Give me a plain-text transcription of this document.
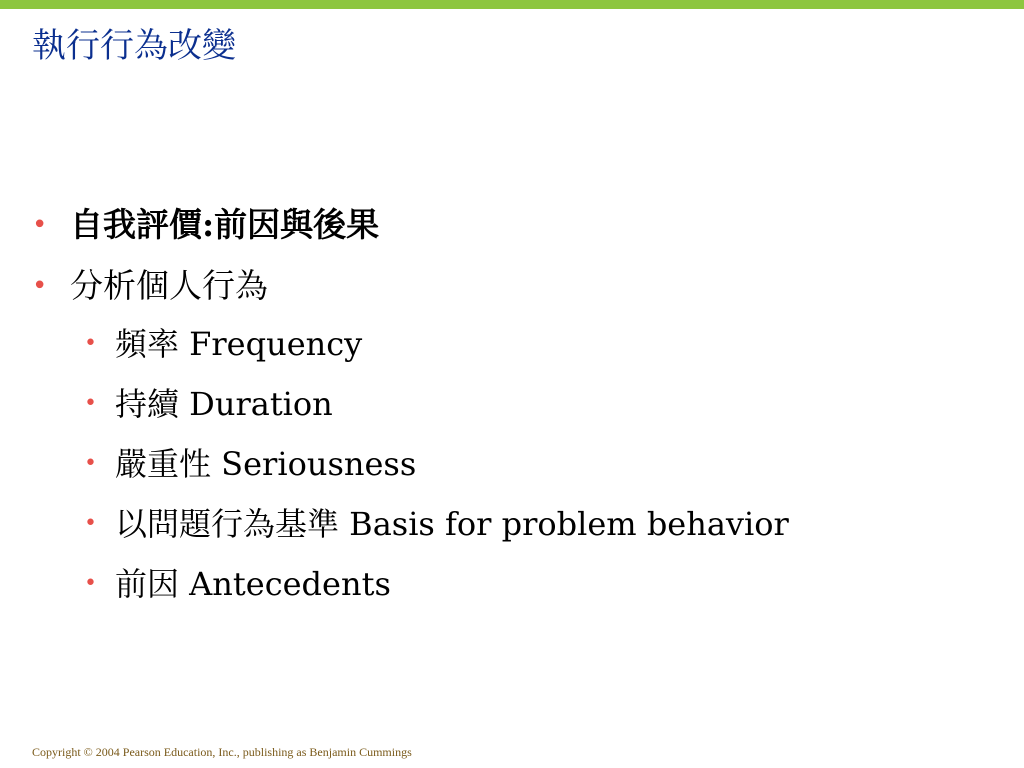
執行行為改變
• 自我評價:前因與後果
• 分析個人行為
• 頻率 Frequency
• 持續 Duration
• 嚴重性 Seriousness
• 以問題行為基準 Basis for problem behavior
• 前因 Antecedents
Copyright © 2004 Pearson Education, Inc., publishing as Benjamin Cummings
